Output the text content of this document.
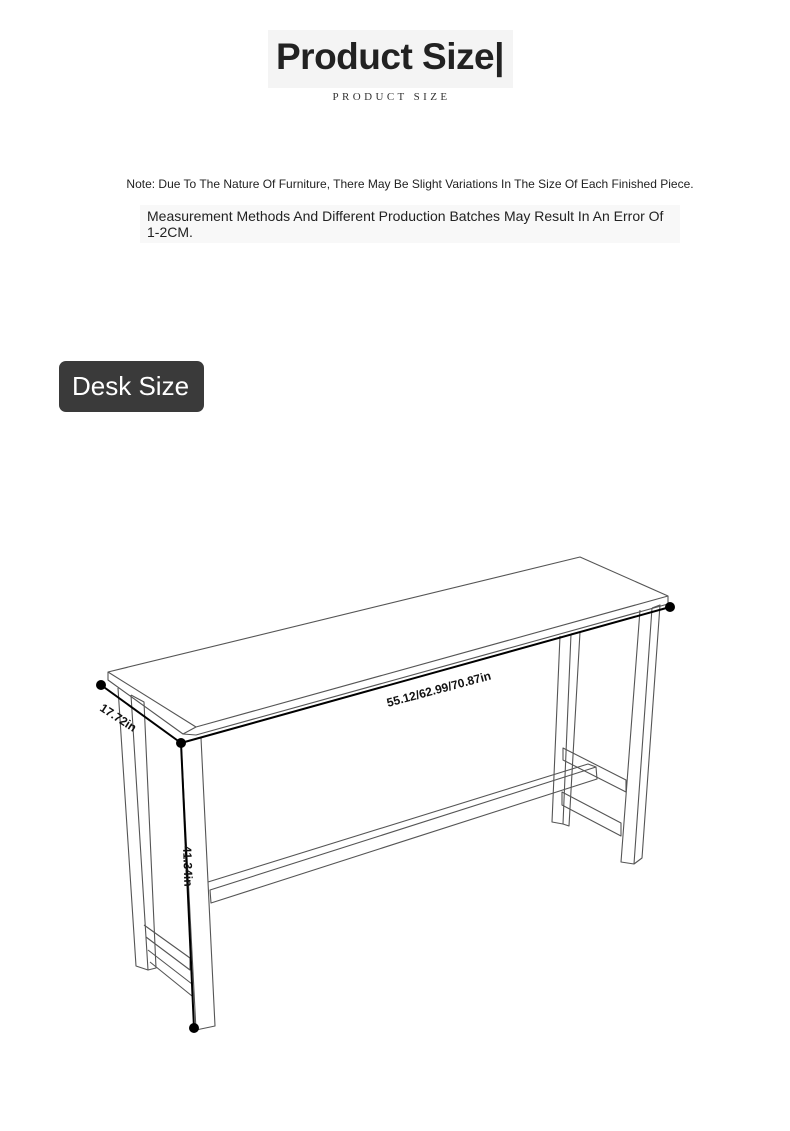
Product Size|
PRODUCT SIZE
Note: Due To The Nature Of Furniture, There May Be Slight Variations In The Size Of Each Finished Piece.
Measurement Methods And Different Production Batches May Result In An Error Of 1-2CM.
Desk Size
55.12/62.99/70.87in
17.72in
41.34in
